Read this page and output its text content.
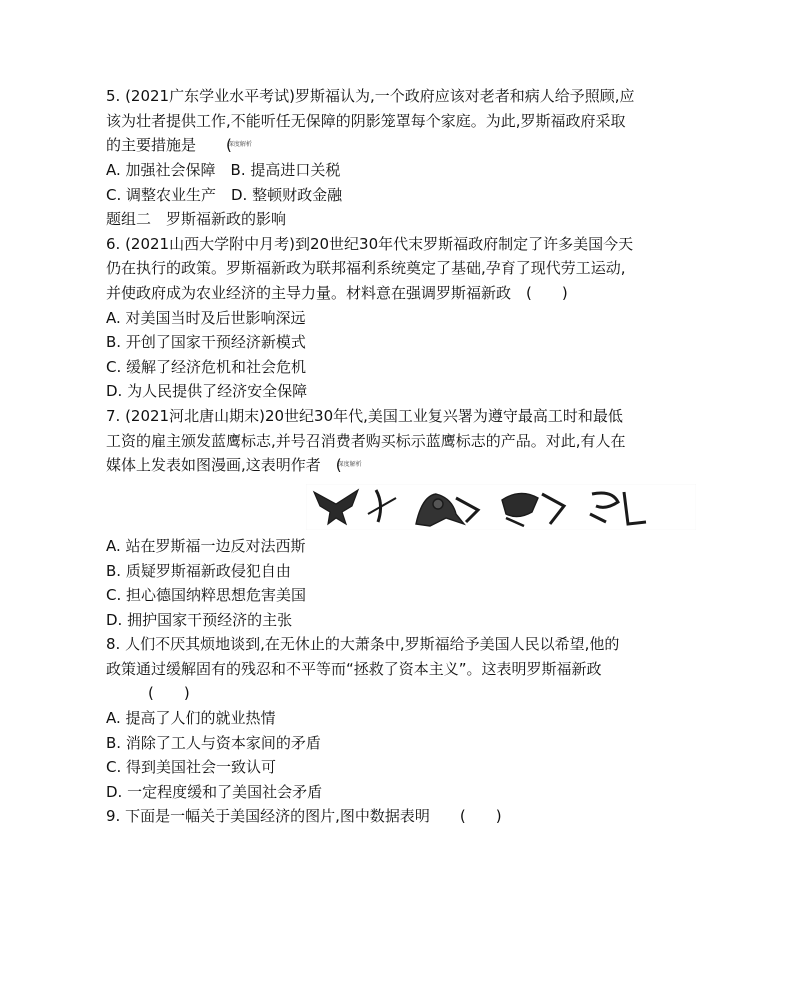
5. (2021广东学业水平考试)罗斯福认为,一个政府应该对老者和病人给予照顾,应
该为壮者提供工作,不能听任无保障的阴影笼罩每个家庭。为此,罗斯福政府采取
的主要措施是　　(深度解析
A. 加强社会保障　B. 提高进口关税
C. 调整农业生产　D. 整顿财政金融
题组二　罗斯福新政的影响
6. (2021山西大学附中月考)到20世纪30年代末罗斯福政府制定了许多美国今天
仍在执行的政策。罗斯福新政为联邦福利系统奠定了基础,孕育了现代劳工运动,
并使政府成为农业经济的主导力量。材料意在强调罗斯福新政　(　　)
A. 对美国当时及后世影响深远
B. 开创了国家干预经济新模式
C. 缓解了经济危机和社会危机
D. 为人民提供了经济安全保障
7. (2021河北唐山期末)20世纪30年代,美国工业复兴署为遵守最高工时和最低
工资的雇主颁发蓝鹰标志,并号召消费者购买标示蓝鹰标志的产品。对此,有人在
媒体上发表如图漫画,这表明作者　(深度解析
A. 站在罗斯福一边反对法西斯
B. 质疑罗斯福新政侵犯自由
C. 担心德国纳粹思想危害美国
D. 拥护国家干预经济的主张
8. 人们不厌其烦地谈到,在无休止的大萧条中,罗斯福给予美国人民以希望,他的
政策通过缓解固有的残忍和不平等而“拯救了资本主义”。这表明罗斯福新政
(　　)
A. 提高了人们的就业热情
B. 消除了工人与资本家间的矛盾
C. 得到美国社会一致认可
D. 一定程度缓和了美国社会矛盾
9. 下面是一幅关于美国经济的图片,图中数据表明　　(　　)
